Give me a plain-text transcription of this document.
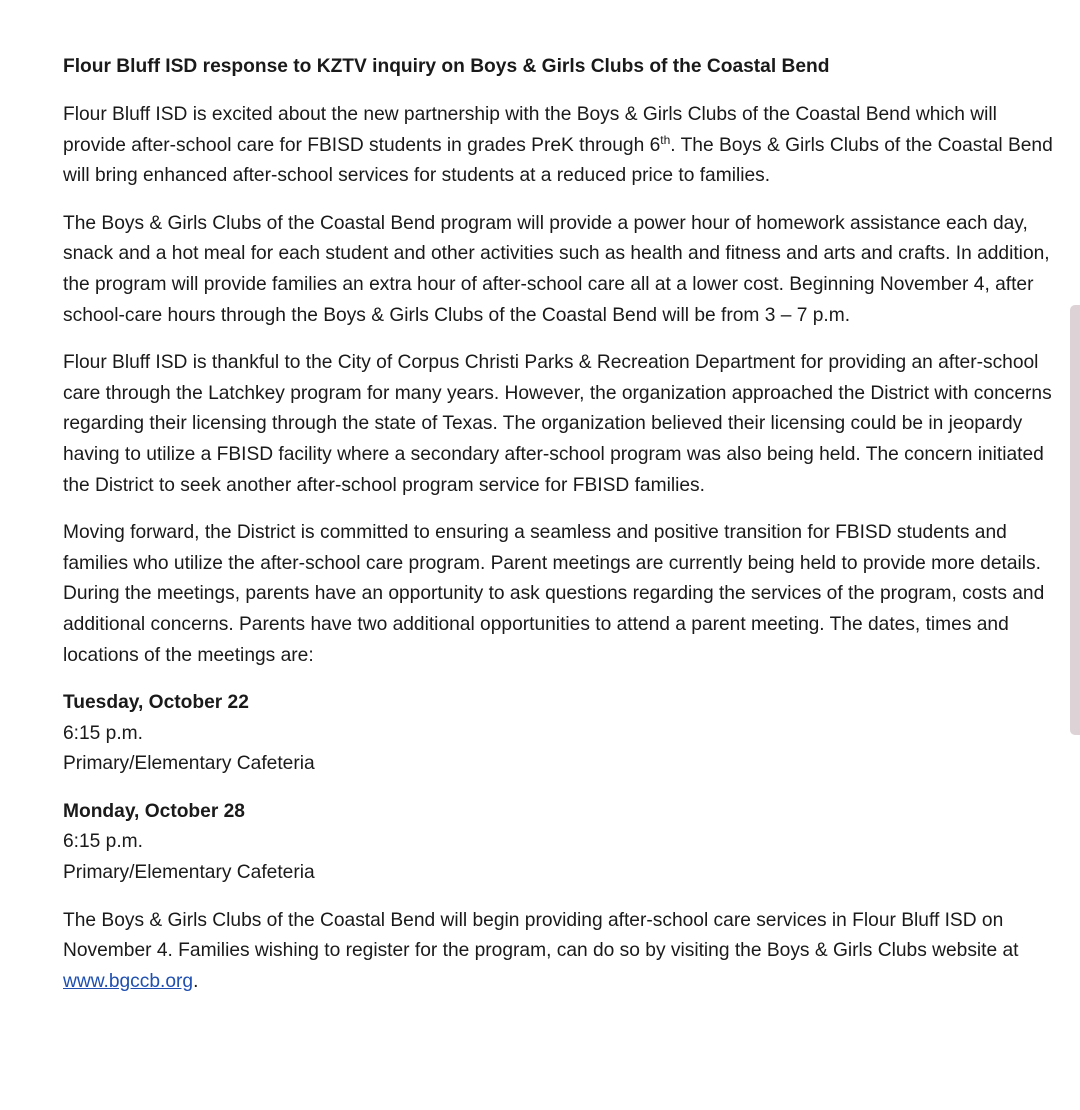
Flour Bluff ISD response to KZTV inquiry on Boys & Girls Clubs of the Coastal Bend

Flour Bluff ISD is excited about the new partnership with the Boys & Girls Clubs of the Coastal Bend which will provide after-school care for FBISD students in grades PreK through 6th. The Boys & Girls Clubs of the Coastal Bend will bring enhanced after-school services for students at a reduced price to families.

The Boys & Girls Clubs of the Coastal Bend program will provide a power hour of homework assistance each day, snack and a hot meal for each student and other activities such as health and fitness and arts and crafts. In addition, the program will provide families an extra hour of after-school care all at a lower cost. Beginning November 4, after school-care hours through the Boys & Girls Clubs of the Coastal Bend will be from 3 – 7 p.m.

Flour Bluff ISD is thankful to the City of Corpus Christi Parks & Recreation Department for providing an after-school care through the Latchkey program for many years. However, the organization approached the District with concerns regarding their licensing through the state of Texas. The organization believed their licensing could be in jeopardy having to utilize a FBISD facility where a secondary after-school program was also being held. The concern initiated the District to seek another after-school program service for FBISD families.

Moving forward, the District is committed to ensuring a seamless and positive transition for FBISD students and families who utilize the after-school care program. Parent meetings are currently being held to provide more details. During the meetings, parents have an opportunity to ask questions regarding the services of the program, costs and additional concerns. Parents have two additional opportunities to attend a parent meeting. The dates, times and locations of the meetings are:

Tuesday, October 22
6:15 p.m.
Primary/Elementary Cafeteria
Monday, October 28
6:15 p.m.
Primary/Elementary Cafeteria

The Boys & Girls Clubs of the Coastal Bend will begin providing after-school care services in Flour Bluff ISD on November 4. Families wishing to register for the program, can do so by visiting the Boys & Girls Clubs website at www.bgccb.org.
